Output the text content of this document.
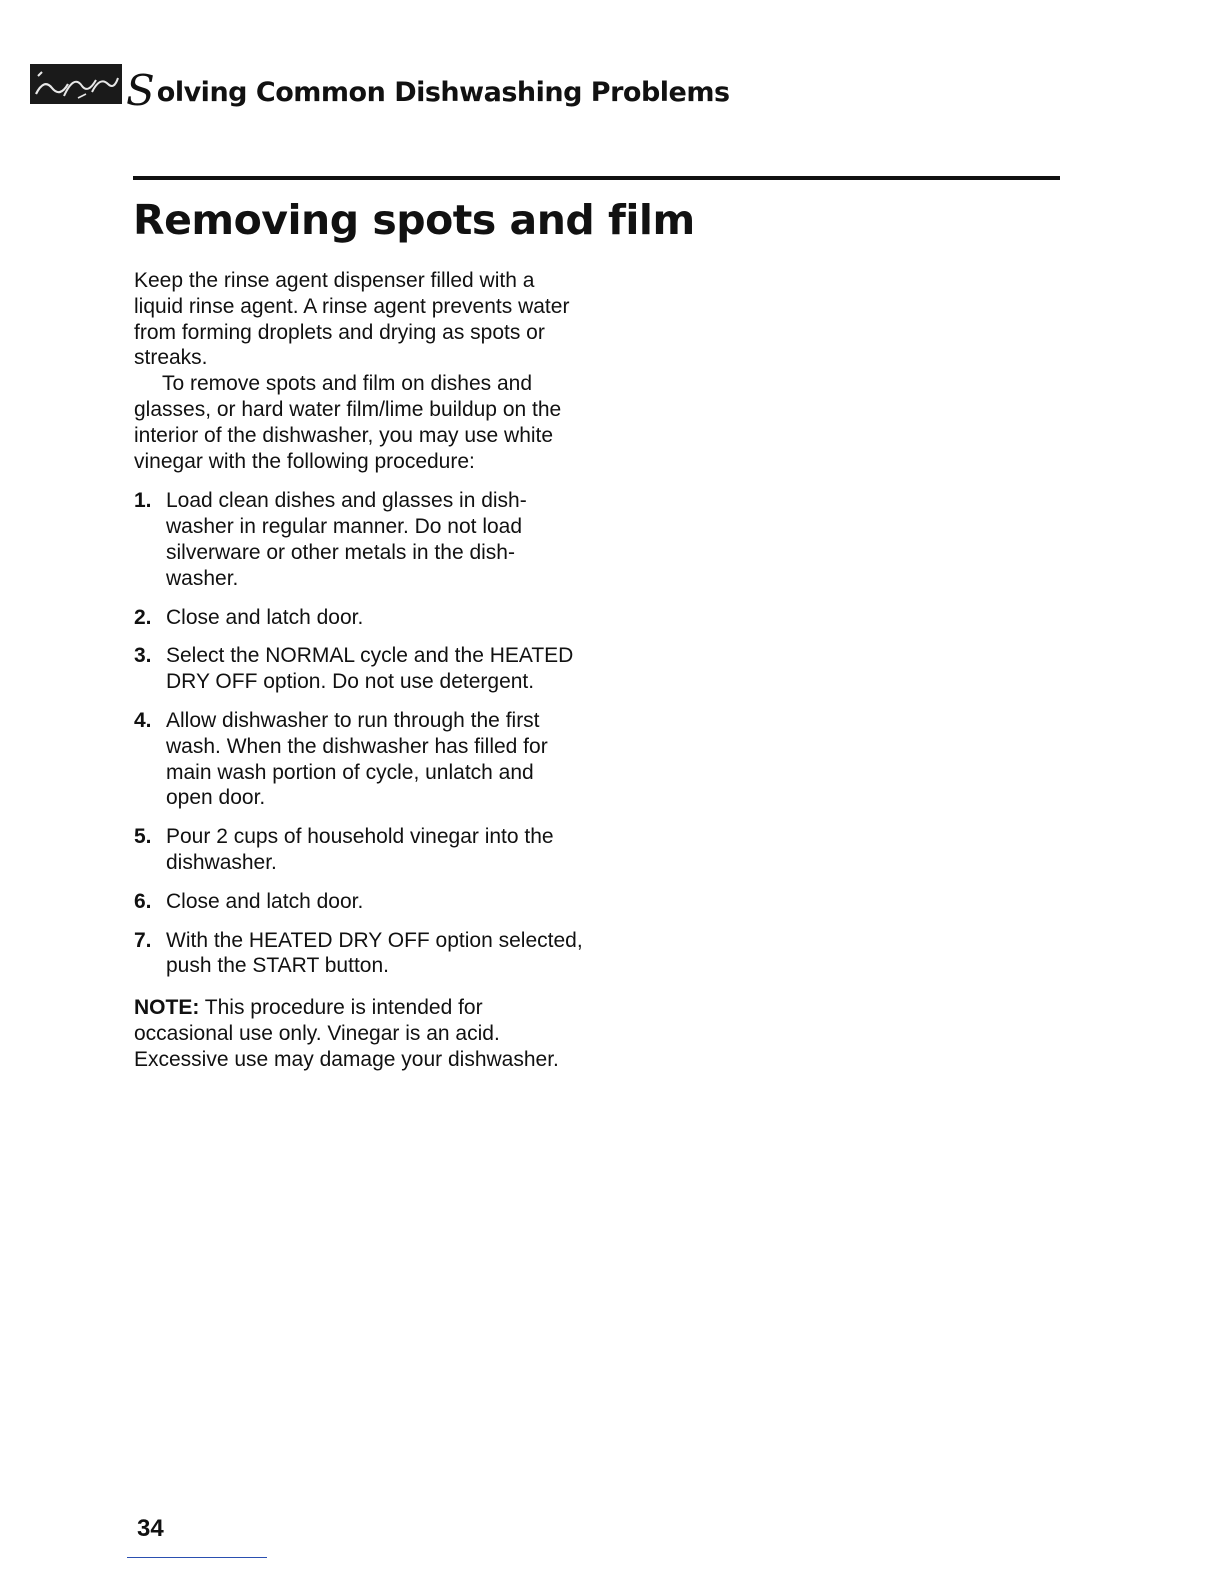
S olving Common Dishwashing Problems
Removing spots and film

Keep the rinse agent dispenser filled with a liquid rinse agent. A rinse agent prevents water from forming droplets and drying as spots or streaks.

To remove spots and film on dishes and glasses, or hard water film/lime buildup on the interior of the dishwasher, you may use white vinegar with the following procedure:

1. Load clean dishes and glasses in dish- washer in regular manner. Do not load silverware or other metals in the dish- washer.
2. Close and latch door.
3. Select the NORMAL cycle and the HEATED DRY OFF option. Do not use detergent.
4. Allow dishwasher to run through the first wash. When the dishwasher has filled for main wash portion of cycle, unlatch and open door.
5. Pour 2 cups of household vinegar into the dishwasher.
6. Close and latch door.
7. With the HEATED DRY OFF option selected, push the START button.

NOTE: This procedure is intended for occasional use only. Vinegar is an acid. Excessive use may damage your dishwasher.

34
